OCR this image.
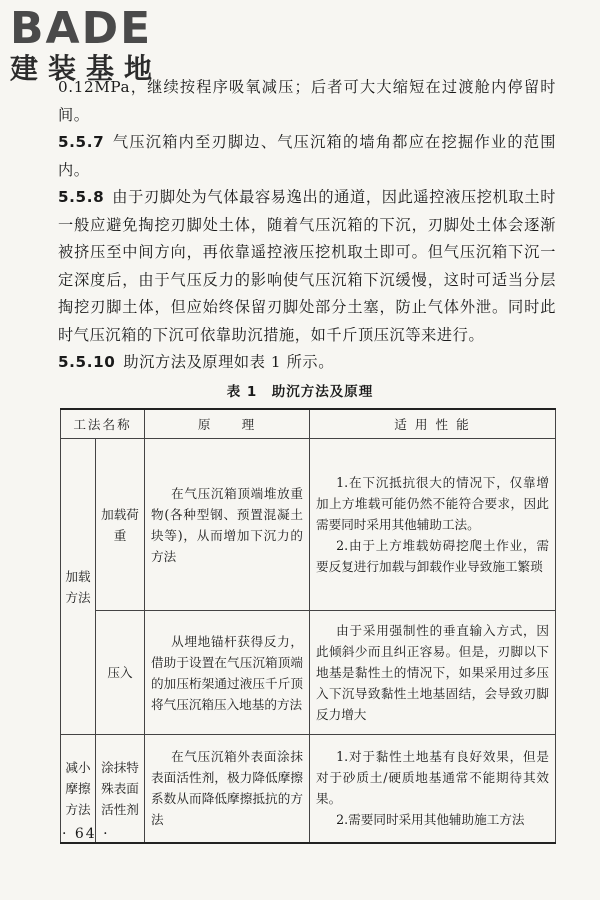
BADE
建装基地

0.12MPa，继续按程序吸氧减压；后者可大大缩短在过渡舱内停留时间。

5.5.7 气压沉箱内至刃脚边、气压沉箱的墙角都应在挖掘作业的范围内。

5.5.8 由于刃脚处为气体最容易逸出的通道，因此遥控液压挖机取土时一般应避免掏挖刃脚处土体，随着气压沉箱的下沉，刃脚处土体会逐渐被挤压至中间方向，再依靠遥控液压挖机取土即可。但气压沉箱下沉一定深度后，由于气压反力的影响使气压沉箱下沉缓慢，这时可适当分层掏挖刃脚土体，但应始终保留刃脚处部分土塞，防止气体外泄。同时此时气压沉箱的下沉可依靠助沉措施，如千斤顶压沉等来进行。

5.5.10 助沉方法及原理如表 1 所示。

表 1　助沉方法及原理
工法名称		原　　理	适 用 性 能
加载方法	加载荷重	在气压沉箱顶端堆放重物(各种型钢、预置混凝土块等)，从而增加下沉力的方法	1.在下沉抵抗很大的情况下，仅靠增加上方堆载可能仍然不能符合要求，因此需要同时采用其他辅助工法。
2.由于上方堆载妨碍挖爬土作业，需要反复进行加载与卸载作业导致施工繁琐

	压入	从埋地锚杆获得反力，借助于设置在气压沉箱顶端的加压桁架通过液压千斤顶将气压沉箱压入地基的方法	由于采用强制性的垂直输入方式，因此倾斜少而且纠正容易。但是，刃脚以下地基是黏性土的情况下，如果采用过多压入下沉导致黏性土地基固结，会导致刃脚反力增大
减小摩擦方法	涂抹特殊表面活性剂	在气压沉箱外表面涂抹表面活性剂，极力降低摩擦系数从而降低摩擦抵抗的方法	1.对于黏性土地基有良好效果，但是对于砂质土/硬质地基通常不能期待其效果。
2.需要同时采用其他辅助施工方法
· 64 ·
